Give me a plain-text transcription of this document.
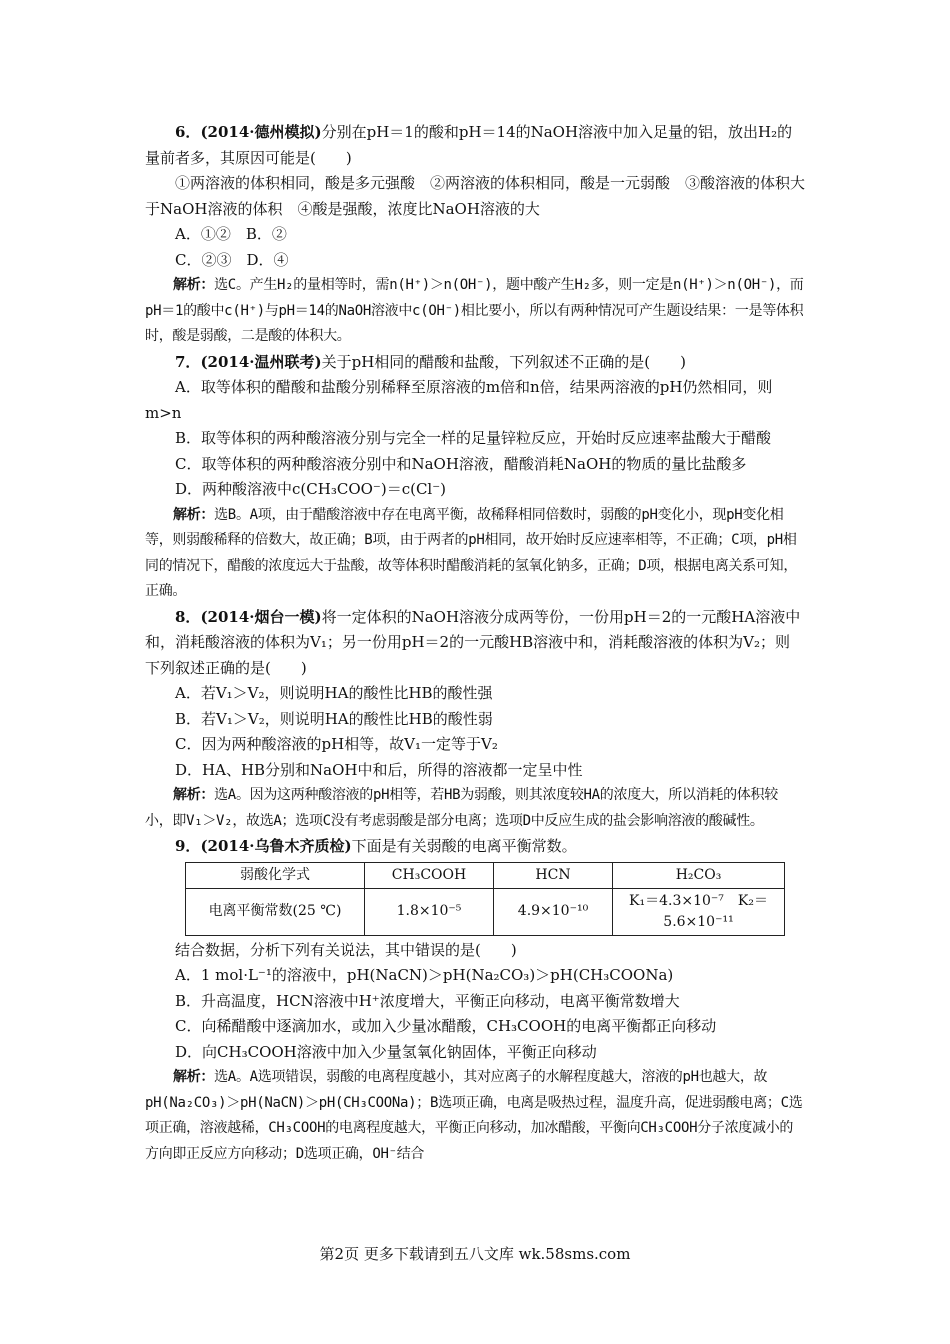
6．(2014·德州模拟)分别在pH＝1的酸和pH＝14的NaOH溶液中加入足量的铝，放出H₂的量前者多，其原因可能是(　　)

①两溶液的体积相同，酸是多元强酸　②两溶液的体积相同，酸是一元弱酸　③酸溶液的体积大于NaOH溶液的体积　④酸是强酸，浓度比NaOH溶液的大

A．①②　B．②

C．②③　D．④

解析：选C。产生H₂的量相等时，需n(H⁺)＞n(OH⁻)，题中酸产生H₂多，则一定是n(H⁺)＞n(OH⁻)，而pH＝1的酸中c(H⁺)与pH＝14的NaOH溶液中c(OH⁻)相比要小，所以有两种情况可产生题设结果：一是等体积时，酸是弱酸，二是酸的体积大。

7．(2014·温州联考)关于pH相同的醋酸和盐酸，下列叙述不正确的是(　　)

A．取等体积的醋酸和盐酸分别稀释至原溶液的m倍和n倍，结果两溶液的pH仍然相同，则m>n

B．取等体积的两种酸溶液分别与完全一样的足量锌粒反应，开始时反应速率盐酸大于醋酸

C．取等体积的两种酸溶液分别中和NaOH溶液，醋酸消耗NaOH的物质的量比盐酸多

D．两种酸溶液中c(CH₃COO⁻)＝c(Cl⁻)

解析：选B。A项，由于醋酸溶液中存在电离平衡，故稀释相同倍数时，弱酸的pH变化小，现pH变化相等，则弱酸稀释的倍数大，故正确；B项，由于两者的pH相同，故开始时反应速率相等，不正确；C项，pH相同的情况下，醋酸的浓度远大于盐酸，故等体积时醋酸消耗的氢氧化钠多，正确；D项，根据电离关系可知，正确。

8．(2014·烟台一模)将一定体积的NaOH溶液分成两等份，一份用pH＝2的一元酸HA溶液中和，消耗酸溶液的体积为V₁；另一份用pH＝2的一元酸HB溶液中和，消耗酸溶液的体积为V₂；则下列叙述正确的是(　　)

A．若V₁＞V₂，则说明HA的酸性比HB的酸性强

B．若V₁＞V₂，则说明HA的酸性比HB的酸性弱

C．因为两种酸溶液的pH相等，故V₁一定等于V₂

D．HA、HB分别和NaOH中和后，所得的溶液都一定呈中性

解析：选A。因为这两种酸溶液的pH相等，若HB为弱酸，则其浓度较HA的浓度大，所以消耗的体积较小，即V₁＞V₂，故选A；选项C没有考虑弱酸是部分电离；选项D中反应生成的盐会影响溶液的酸碱性。

9．(2014·乌鲁木齐质检)下面是有关弱酸的电离平衡常数。

弱酸化学式	CH₃COOH	HCN	H₂CO₃
电离平衡常数(25 ℃)	1.8×10⁻⁵	4.9×10⁻¹⁰	K₁＝4.3×10⁻⁷　K₂＝
5.6×10⁻¹¹

结合数据，分析下列有关说法，其中错误的是(　　)

A．1 mol·L⁻¹的溶液中，pH(NaCN)＞pH(Na₂CO₃)＞pH(CH₃COONa)

B．升高温度，HCN溶液中H⁺浓度增大，平衡正向移动，电离平衡常数增大

C．向稀醋酸中逐滴加水，或加入少量冰醋酸，CH₃COOH的电离平衡都正向移动

D．向CH₃COOH溶液中加入少量氢氧化钠固体，平衡正向移动

解析：选A。A选项错误，弱酸的电离程度越小，其对应离子的水解程度越大，溶液的pH也越大，故pH(Na₂CO₃)＞pH(NaCN)＞pH(CH₃COONa)；B选项正确，电离是吸热过程，温度升高，促进弱酸电离；C选项正确，溶液越稀，CH₃COOH的电离程度越大，平衡正向移动，加冰醋酸，平衡向CH₃COOH分子浓度减小的方向即正反应方向移动；D选项正确，OH⁻结合

第2页 更多下载请到五八文库 wk.58sms.com
